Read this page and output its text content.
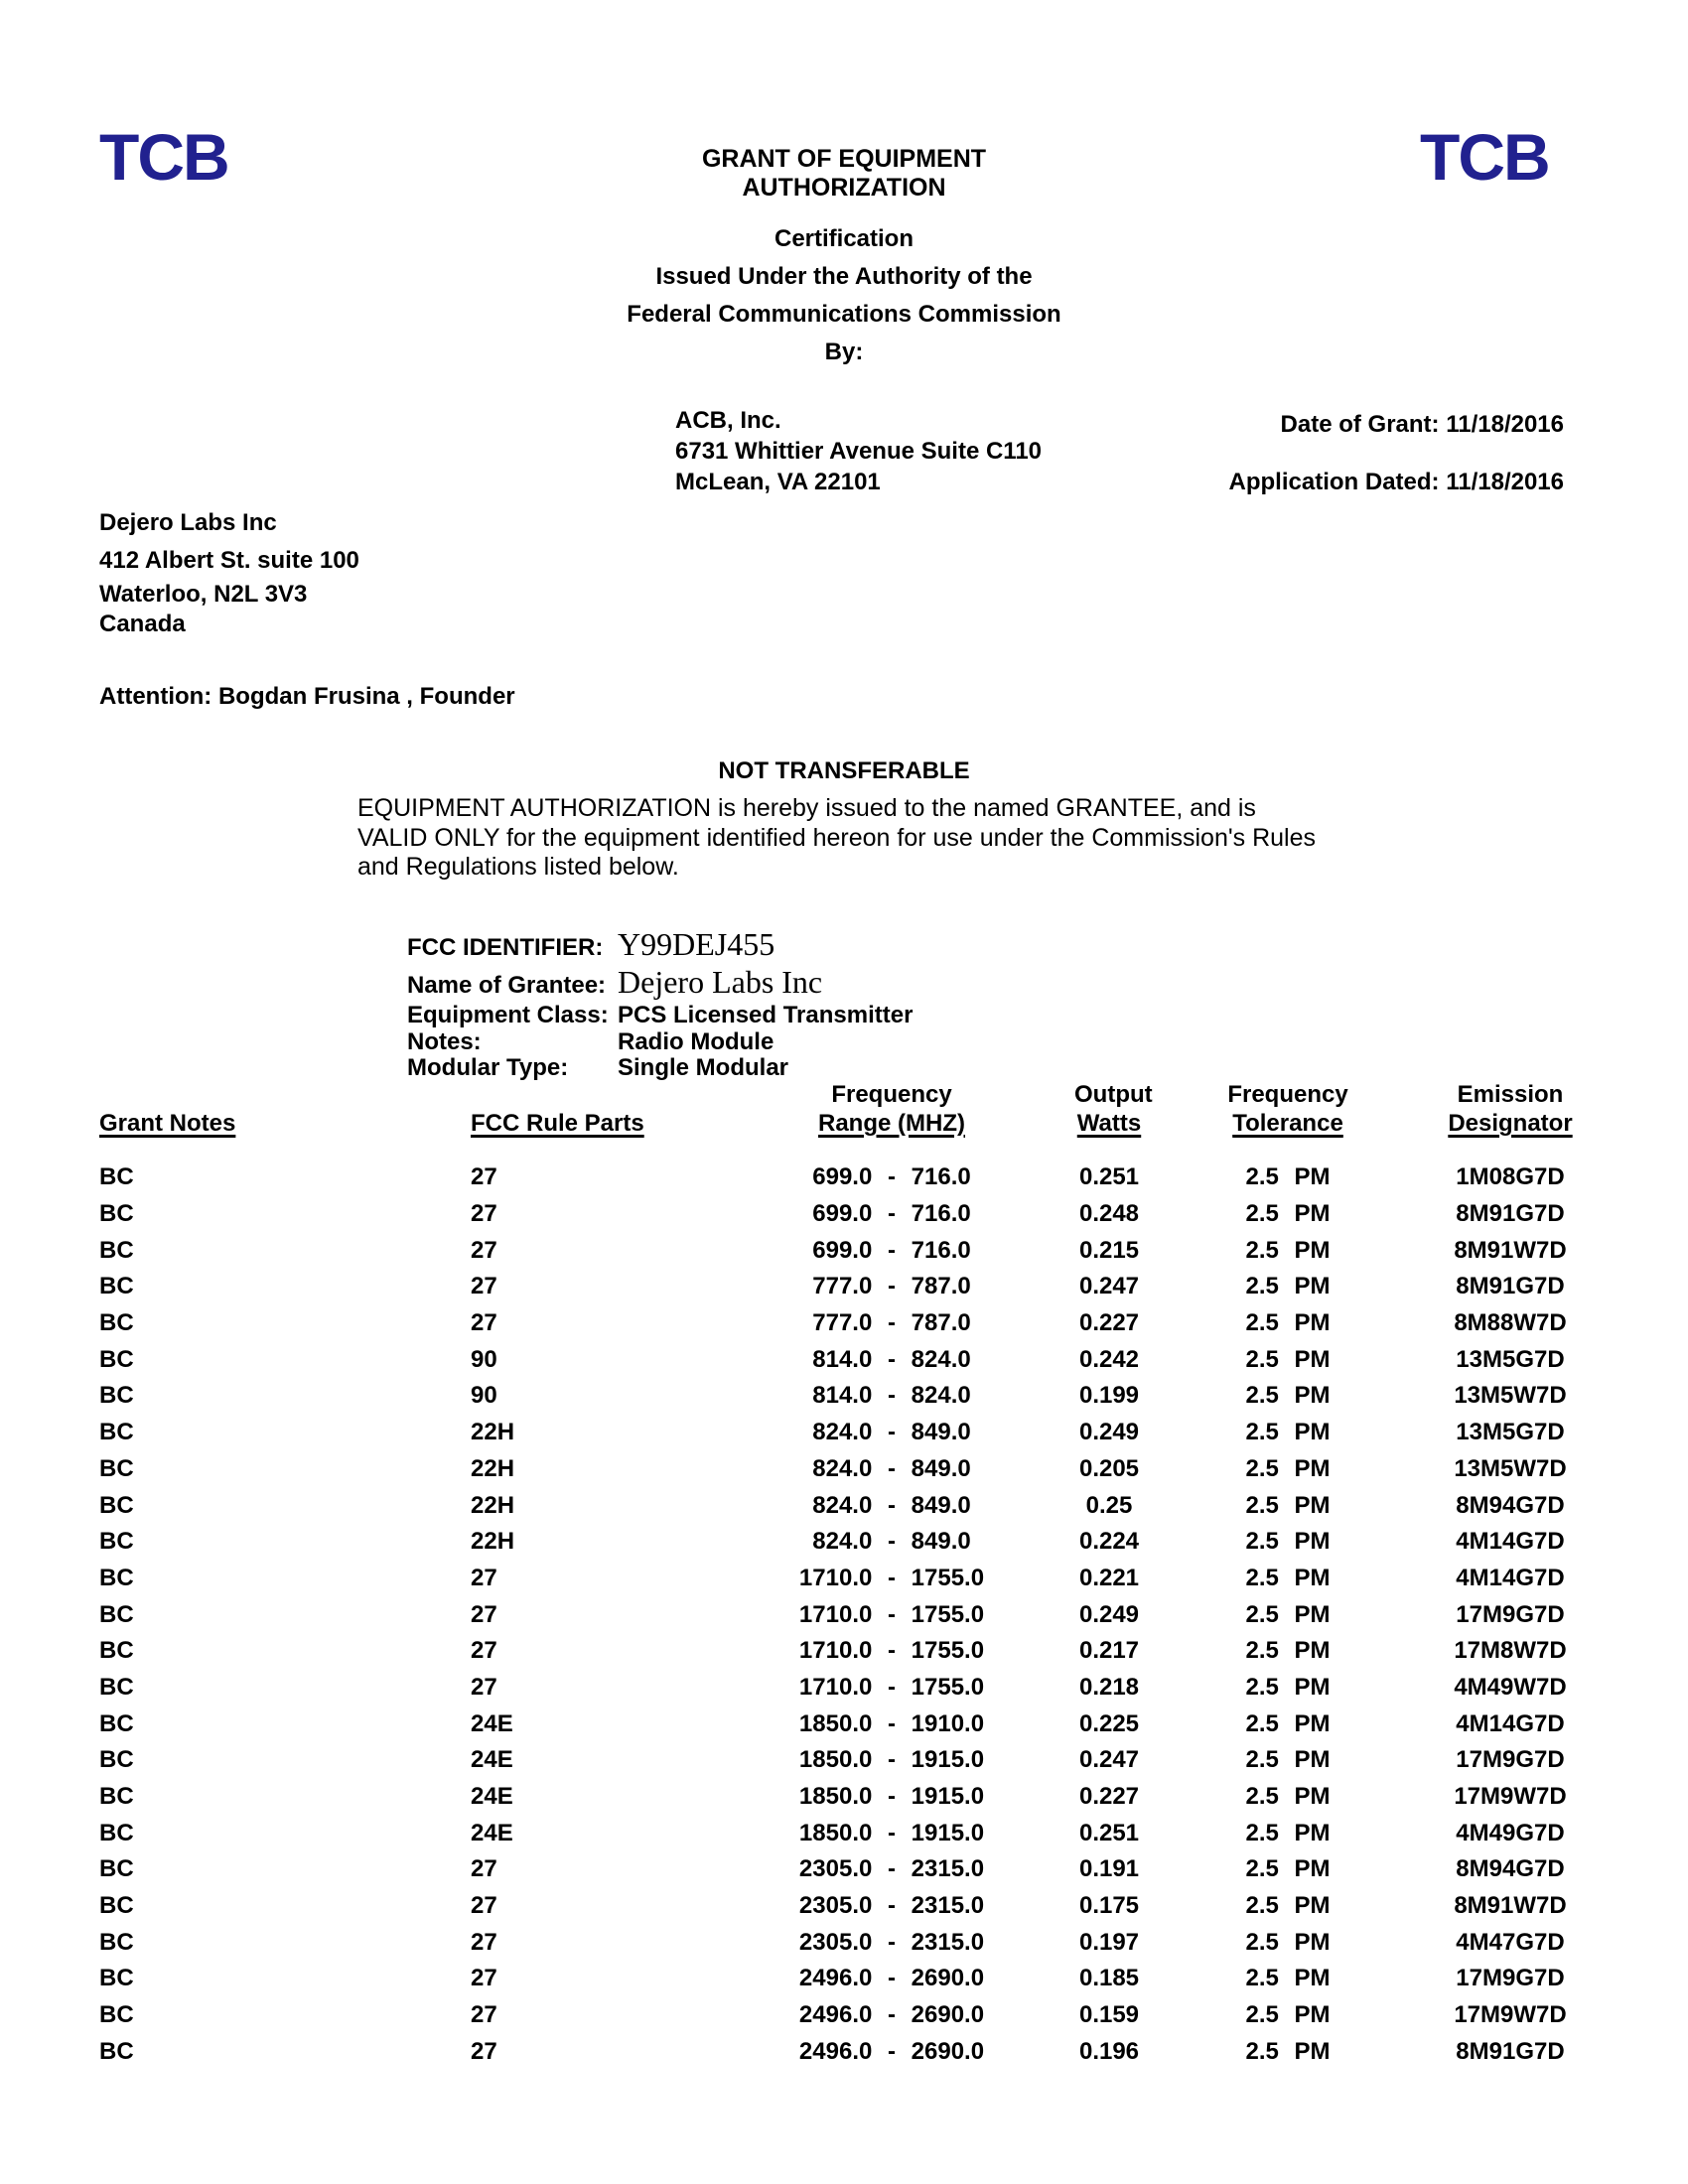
TCB	TCB
GRANT OF EQUIPMENT
AUTHORIZATION
Certification
Issued Under the Authority of the
Federal Communications Commission
By:
ACB, Inc.
6731 Whittier Avenue Suite C110
McLean, VA 22101
Date of Grant: 11/18/2016
Application Dated: 11/18/2016
Dejero Labs Inc
412 Albert St. suite 100
Waterloo, N2L 3V3
Canada
Attention: Bogdan Frusina , Founder
NOT TRANSFERABLE
EQUIPMENT AUTHORIZATION is hereby issued to the named GRANTEE, and is
VALID ONLY for the equipment identified hereon for use under the Commission's Rules
and Regulations listed below.
FCC IDENTIFIER: Y99DEJ455
Name of Grantee: Dejero Labs Inc
Equipment Class: PCS Licensed Transmitter
Notes:	Radio Module
Modular Type:	Single Modular

Grant Notes	FCC Rule Parts

Frequency
Range (MHZ)

Output
Watts

Frequency
Tolerance

Emission
Designator

BC	27	699.0 - 716.0	0.251	2.5 PM	1M08G7D
BC	27	699.0 - 716.0	0.248	2.5 PM	8M91G7D
BC	27	699.0 - 716.0	0.215	2.5 PM	8M91W7D
BC	27	777.0 - 787.0	0.247	2.5 PM	8M91G7D
BC	27	777.0 - 787.0	0.227	2.5 PM	8M88W7D
BC	90	814.0 - 824.0	0.242	2.5 PM	13M5G7D
BC	90	814.0 - 824.0	0.199	2.5 PM	13M5W7D
BC	22H	824.0 - 849.0	0.249	2.5 PM	13M5G7D
BC	22H	824.0 - 849.0	0.205	2.5 PM	13M5W7D
BC	22H	824.0 - 849.0	0.25	2.5 PM	8M94G7D
BC	22H	824.0 - 849.0	0.224	2.5 PM	4M14G7D
BC	27	1710.0 - 1755.0	0.221	2.5 PM	4M14G7D
BC	27	1710.0 - 1755.0	0.249	2.5 PM	17M9G7D
BC	27	1710.0 - 1755.0	0.217	2.5 PM	17M8W7D
BC	27	1710.0 - 1755.0	0.218	2.5 PM	4M49W7D
BC	24E	1850.0 - 1910.0	0.225	2.5 PM	4M14G7D
BC	24E	1850.0 - 1915.0	0.247	2.5 PM	17M9G7D
BC	24E	1850.0 - 1915.0	0.227	2.5 PM	17M9W7D
BC	24E	1850.0 - 1915.0	0.251	2.5 PM	4M49G7D
BC	27	2305.0 - 2315.0	0.191	2.5 PM	8M94G7D
BC	27	2305.0 - 2315.0	0.175	2.5 PM	8M91W7D
BC	27	2305.0 - 2315.0	0.197	2.5 PM	4M47G7D
BC	27	2496.0 - 2690.0	0.185	2.5 PM	17M9G7D
BC	27	2496.0 - 2690.0	0.159	2.5 PM	17M9W7D
BC	27	2496.0 - 2690.0	0.196	2.5 PM	8M91G7D
